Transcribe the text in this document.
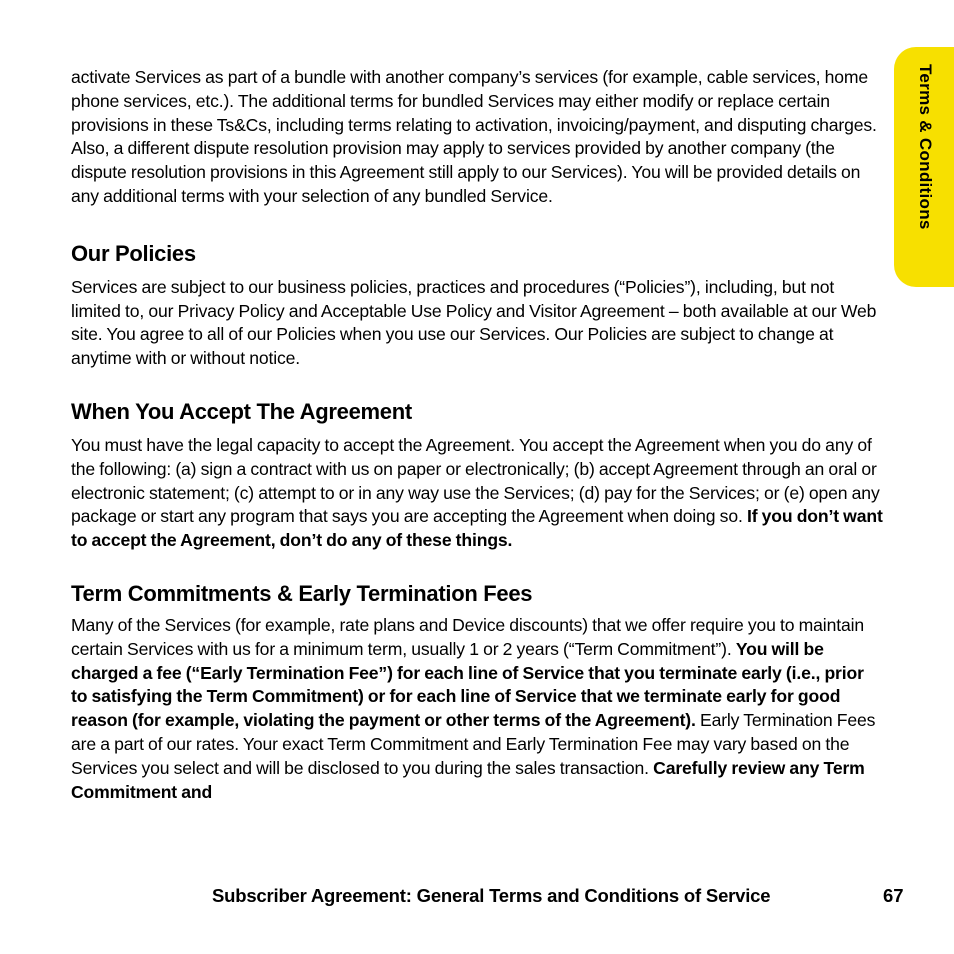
Terms & Conditions

activate Services as part of a bundle with another company’s services (for example, cable services, home phone services, etc.). The additional terms for bundled Services may either modify or replace certain provisions in these Ts&Cs, including terms relating to activation, invoicing/payment, and disputing charges. Also, a different dispute resolution provision may apply to services provided by another company (the dispute resolution provisions in this Agreement still apply to our Services). You will be provided details on any additional terms with your selection of any bundled Service.

Our Policies

Services are subject to our business policies, practices and procedures (“Policies”), including, but not limited to, our Privacy Policy and Acceptable Use Policy and Visitor Agreement – both available at our Web site. You agree to all of our Policies when you use our Services. Our Policies are subject to change at anytime with or without notice.

When You Accept The Agreement

You must have the legal capacity to accept the Agreement. You accept the Agreement when you do any of the following: (a) sign a contract with us on paper or electronically; (b) accept Agreement through an oral or electronic statement; (c) attempt to or in any way use the Services; (d) pay for the Services; or (e) open any package or start any program that says you are accepting the Agreement when doing so. If you don’t want to accept the Agreement, don’t do any of these things.

Term Commitments & Early Termination Fees

Many of the Services (for example, rate plans and Device discounts) that we offer require you to maintain certain Services with us for a minimum term, usually 1 or 2 years (“Term Commitment”). You will be charged a fee (“Early Termination Fee”) for each line of Service that you terminate early (i.e., prior to satisfying the Term Commitment) or for each line of Service that we terminate early for good reason (for example, violating the payment or other terms of the Agreement). Early Termination Fees are a part of our rates. Your exact Term Commitment and Early Termination Fee may vary based on the Services you select and will be disclosed to you during the sales transaction. Carefully review any Term Commitment and

Subscriber Agreement: General Terms and Conditions of Service	67
